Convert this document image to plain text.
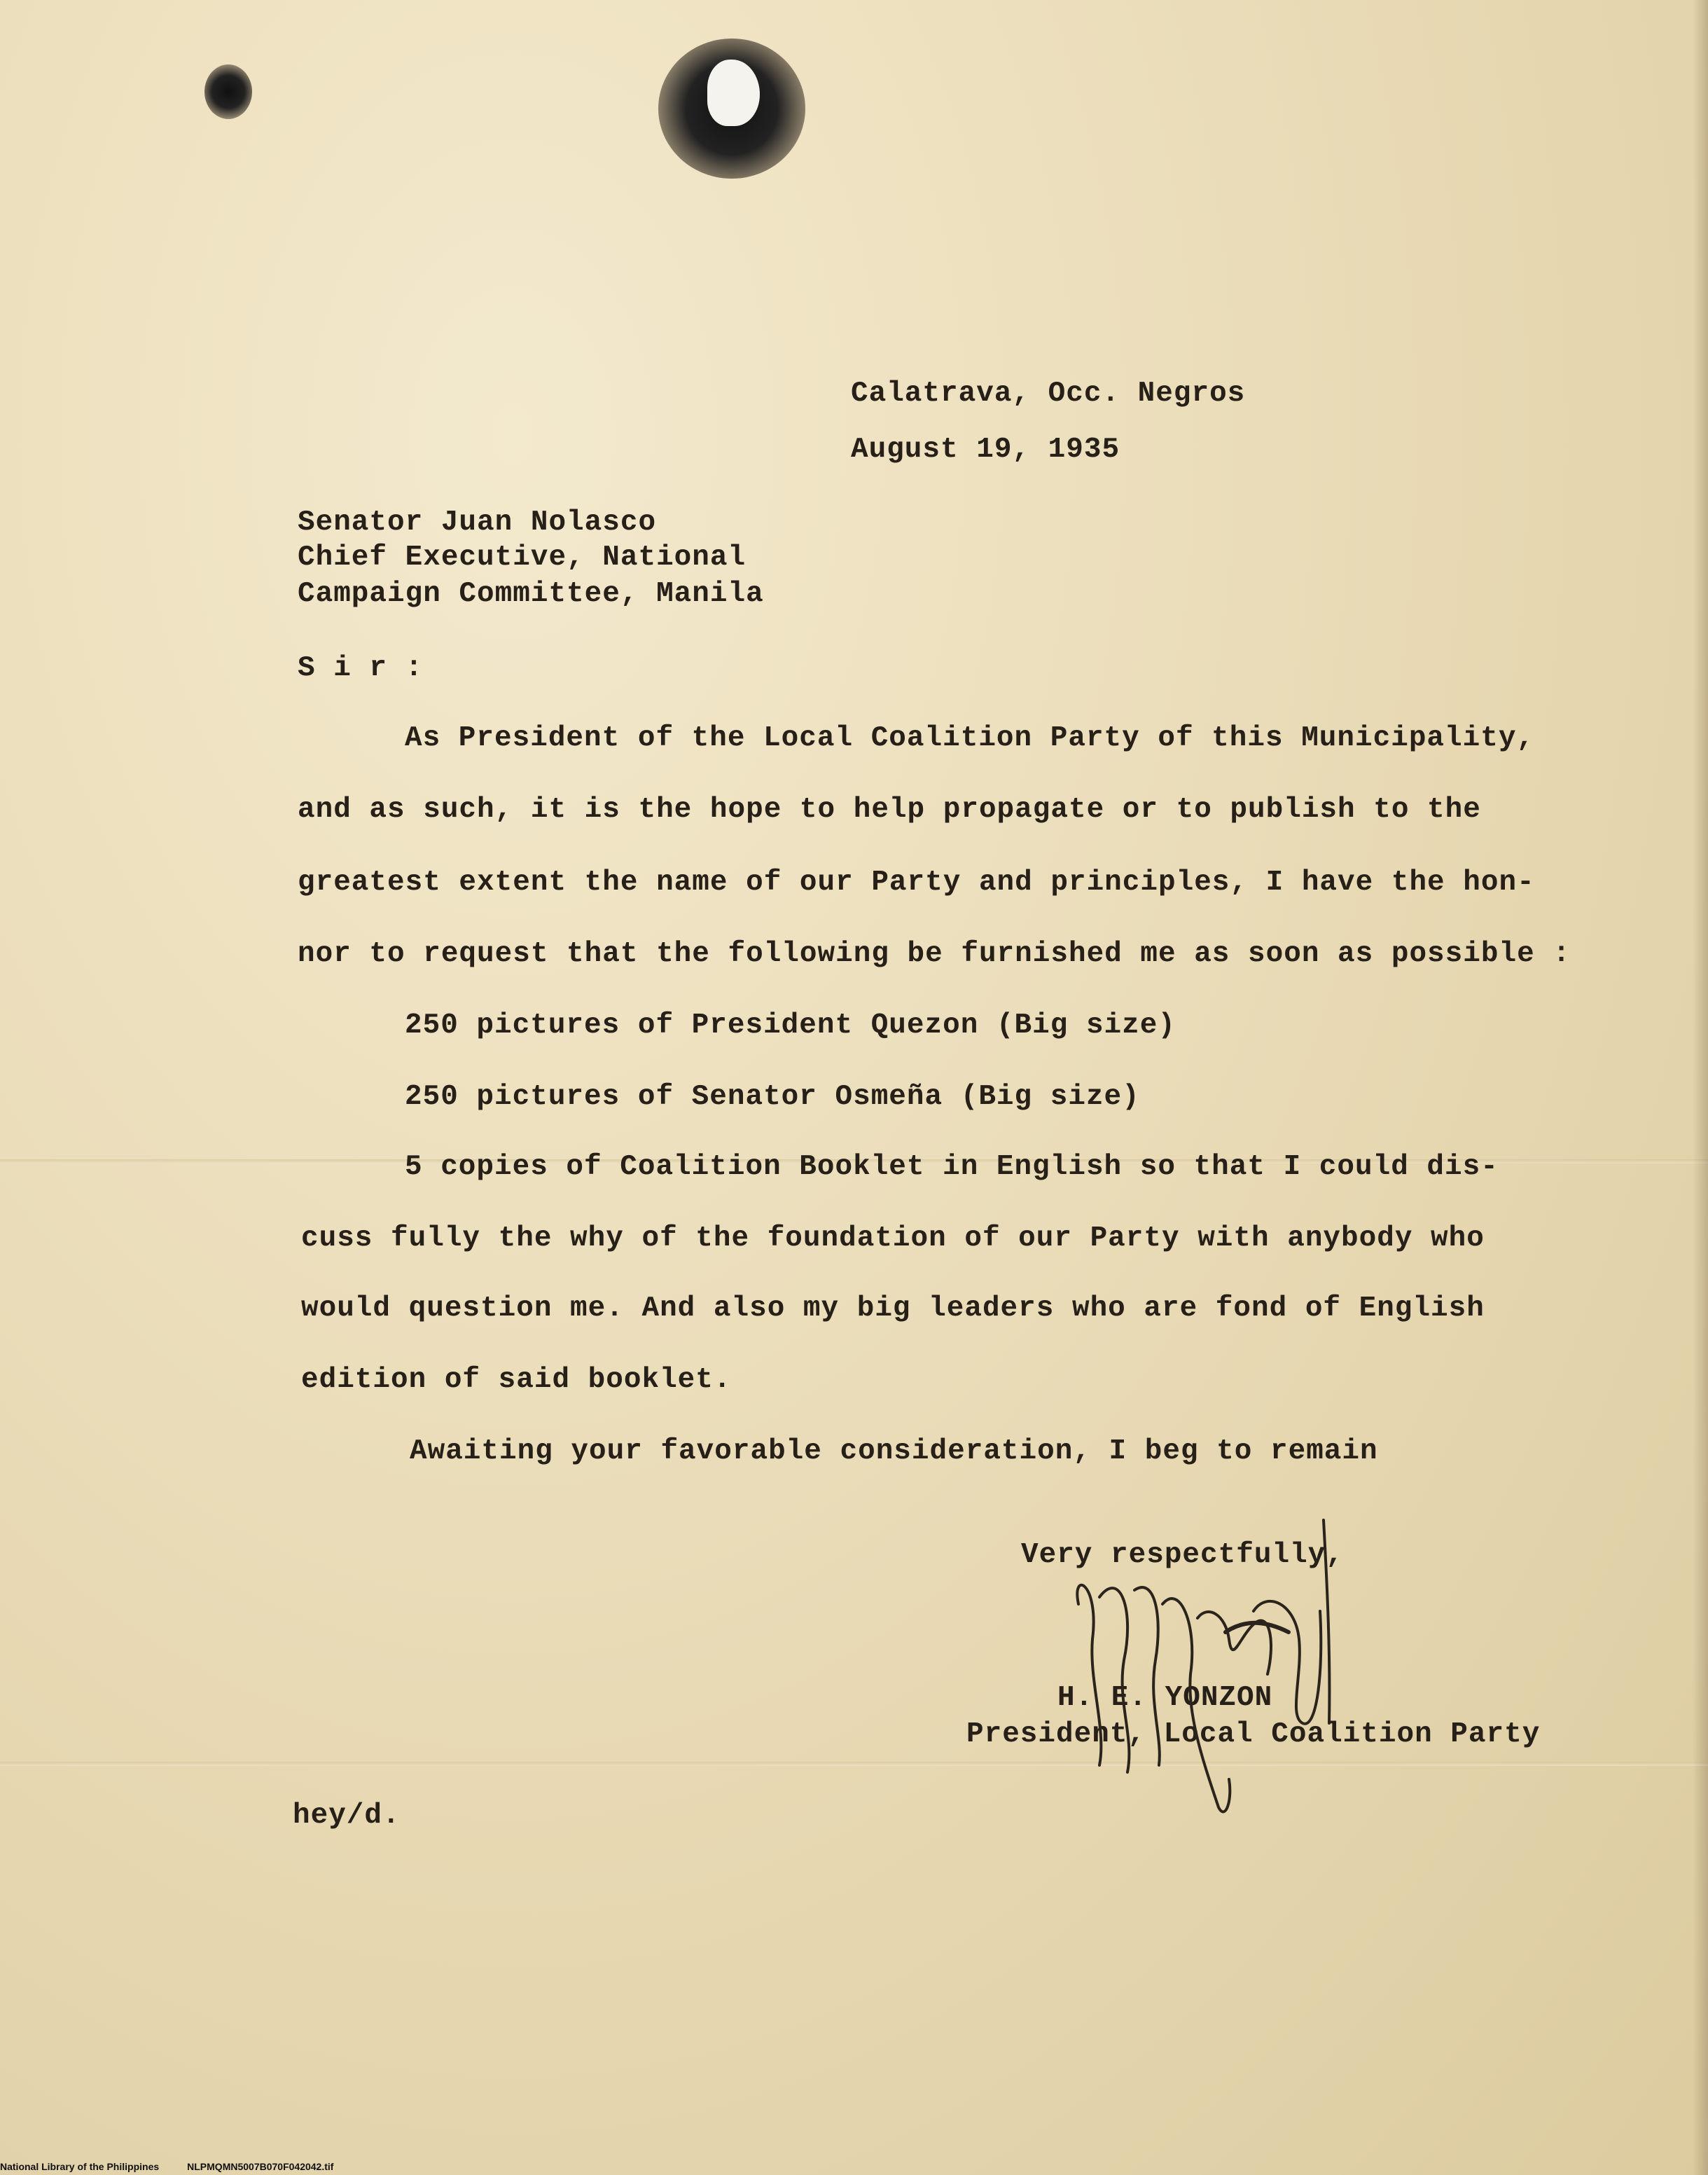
Calatrava, Occ. Negros
August 19, 1935
Senator Juan Nolasco
Chief Executive, National
Campaign Committee, Manila
S i r :
As President of the Local Coalition Party of this Municipality,
and as such, it is the hope to help propagate or to publish to the
greatest extent the name of our Party and principles, I have the hon-
nor to request that the following be furnished me as soon as possible :
250 pictures of President Quezon (Big size)
250 pictures of Senator Osmeña (Big size)
5 copies of Coalition Booklet in English so that I could dis-
cuss fully the why of the foundation of our Party with anybody who
would question me. And also my big leaders who are fond of English
edition of said booklet.
Awaiting your favorable consideration, I beg to remain
Very respectfully,
H. E. YONZON
President, Local Coalition Party
hey/d.
National Library of the Philippines	NLPMQMN5007B070F042042.tif
